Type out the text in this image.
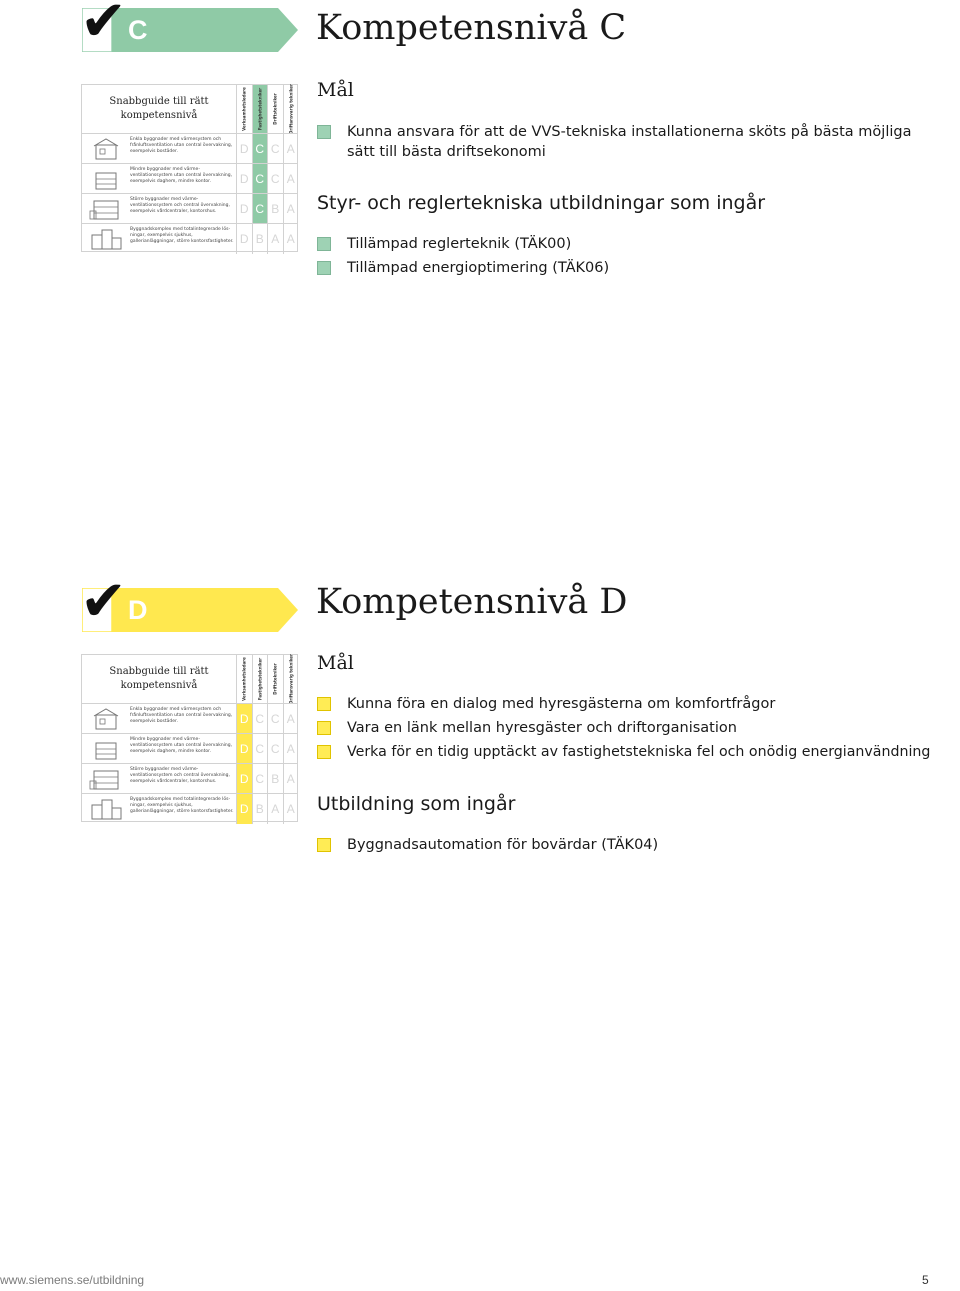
C
✔	Kompetensnivå C
Snabbguide till rätt kompetensnivå	Verksamhetsledare	Fastighetstekniker	Driftstekniker	Driftansvarig tekniker
Enkla byggnader med värmesystem och frånluftsventilation utan central övervakning, exempelvis bostäder.	D C C A
Mindre byggnader med värme- ventilationssystem utan central övervakning, exempelvis daghem, mindre kontor.	D C C A
Större byggnader med värme- ventilationssystem och central övervakning, exempelvis vårdcentraler, kontorshus.	D C B A
Byggnadskomplex med totalintegrerade lösningar, exempelvis sjukhus, gallerianläggningar, större kontorsfastigheter. D B A A
Mål
Kunna ansvara för att de VVS-tekniska installationerna sköts på bästa möjliga
sätt till bästa driftsekonomi
Styr- och reglertekniska utbildningar som ingår
Tillämpad reglerteknik (TÄK00)
Tillämpad energioptimering (TÄK06)
D
✔	Kompetensnivå D
Snabbguide till rätt kompetensnivå	Verksamhetsledare	Fastighetstekniker	Driftstekniker	Driftansvarig tekniker
Enkla byggnader med värmesystem och frånluftsventilation utan central övervakning, exempelvis bostäder.	D C C A
Mindre byggnader med värme- ventilationssystem utan central övervakning, exempelvis daghem, mindre kontor.	D C C A
Större byggnader med värme- ventilationssystem och central övervakning, exempelvis vårdcentraler, kontorshus.	D C B A
Byggnadskomplex med totalintegrerade lösningar, exempelvis sjukhus, gallerianläggningar, större kontorsfastigheter. D B A A
Mål
Kunna föra en dialog med hyresgästerna om komfortfrågor
Vara en länk mellan hyresgäster och driftorganisation
Verka för en tidig upptäckt av fastighetstekniska fel och onödig energianvändning
Utbildning som ingår
Byggnadsautomation för bovärdar (TÄK04)
www.siemens.se/utbildning	5
